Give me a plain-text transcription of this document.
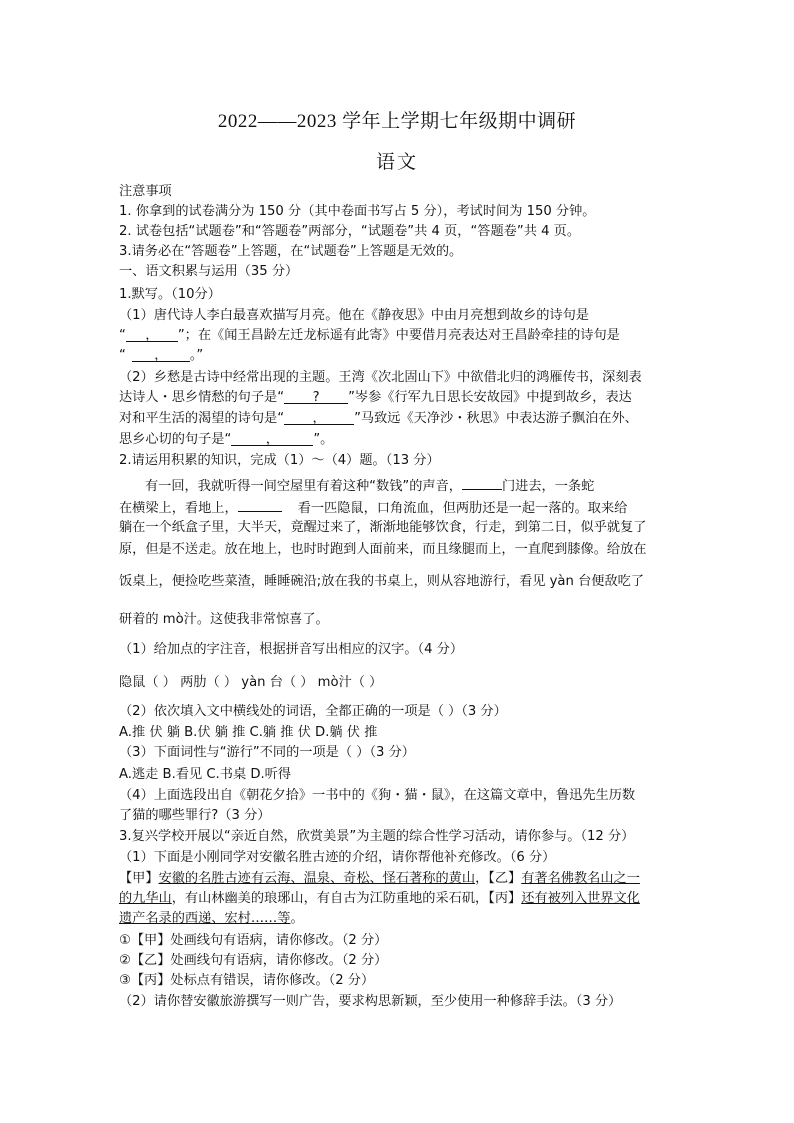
2022——2023 学年上学期七年级期中调研
语文
注意事项
1. 你拿到的试卷满分为 150 分（其中卷面书写占 5 分），考试时间为 150 分钟。
2. 试卷包括“试题卷”和“答题卷”两部分，“试题卷”共 4 页，“答题卷”共 4 页。
3.请务必在“答题卷”上答题，在“试题卷”上答题是无效的。
一、语文积累与运用（35 分）
1.默写。（10分）
（1）唐代诗人李白最喜欢描写月亮。他在《静夜思》中由月亮想到故乡的诗句是
“ ， ”；在《闻王昌龄左迁龙标遥有此寄》中要借月亮表达对王昌龄牵挂的诗句是
“ ， 。”
（2）乡愁是古诗中经常出现的主题。王湾《次北固山下》中欲借北归的鸿雁传书，深刻表
达诗人・思乡情愁的句子是“ ? ”岑参《行军九日思长安故园》中提到故乡，表达
对和平生活的渴望的诗句是“ ， ”马致远《天净沙・秋思》中表达游子飘泊在外、
思乡心切的句子是“	，	”。
2.请运用积累的知识，完成（1）～（4）题。（13 分）
有一回，我就听得一间空屋里有着这种“数钱”的声音，	门进去，一条蛇
在横梁上，看地上，	看一匹隐鼠，口角流血，但两肋还是一起一落的。取来给
躺在一个纸盒子里，大半天，竟醒过来了，渐渐地能够饮食，行走，到第二日，似乎就复了
原，但是不送走。放在地上，也时时跑到人面前来，而且缘腿而上，一直爬到膝像。给放在
饭桌上，便捡吃些菜渣，睡睡碗沿;放在我的书桌上，则从容地游行，看见 yàn 台便敌吃了
研着的 mò汁。这使我非常惊喜了。
（1）给加点的字注音，根据拼音写出相应的汉字。（4 分）
隐鼠（ ） 两肋（ ） yàn 台（ ） mò汁（ ）
（2）依次填入文中横线处的词语，全都正确的一项是（ ）（3 分）
A.推 伏 躺 B.伏 躺 推 C.躺 推 伏 D.躺 伏 推
（3）下面词性与“游行”不同的一项是（ ）（3 分）
A.逃走 B.看见 C.书桌 D.听得
（4）上面选段出自《朝花夕拾》一书中的《狗・猫・鼠》，在这篇文章中，鲁迅先生历数
了猫的哪些罪行?（3 分）
3.复兴学校开展以“亲近自然，欣赏美景”为主题的综合性学习活动，请你参与。（12 分）
（1）下面是小刚同学对安徽名胜古迹的介绍，请你帮他补充修改。（6 分）
【甲】安徽的名胜古迹有云海、温泉、奇松、怪石著称的黄山，【乙】有著名佛教名山之一
的九华山，有山林幽美的琅琊山，有自古为江防重地的采石矶，【丙】还有被列入世界文化
遗产名录的西递、宏村……等。
①【甲】处画线句有语病，请你修改。（2 分）
②【乙】处画线句有语病，请你修改。（2 分）
③【丙】处标点有错误，请你修改。（2 分）
（2）请你替安徽旅游撰写一则广告，要求构思新颖，至少使用一种修辞手法。（3 分）
